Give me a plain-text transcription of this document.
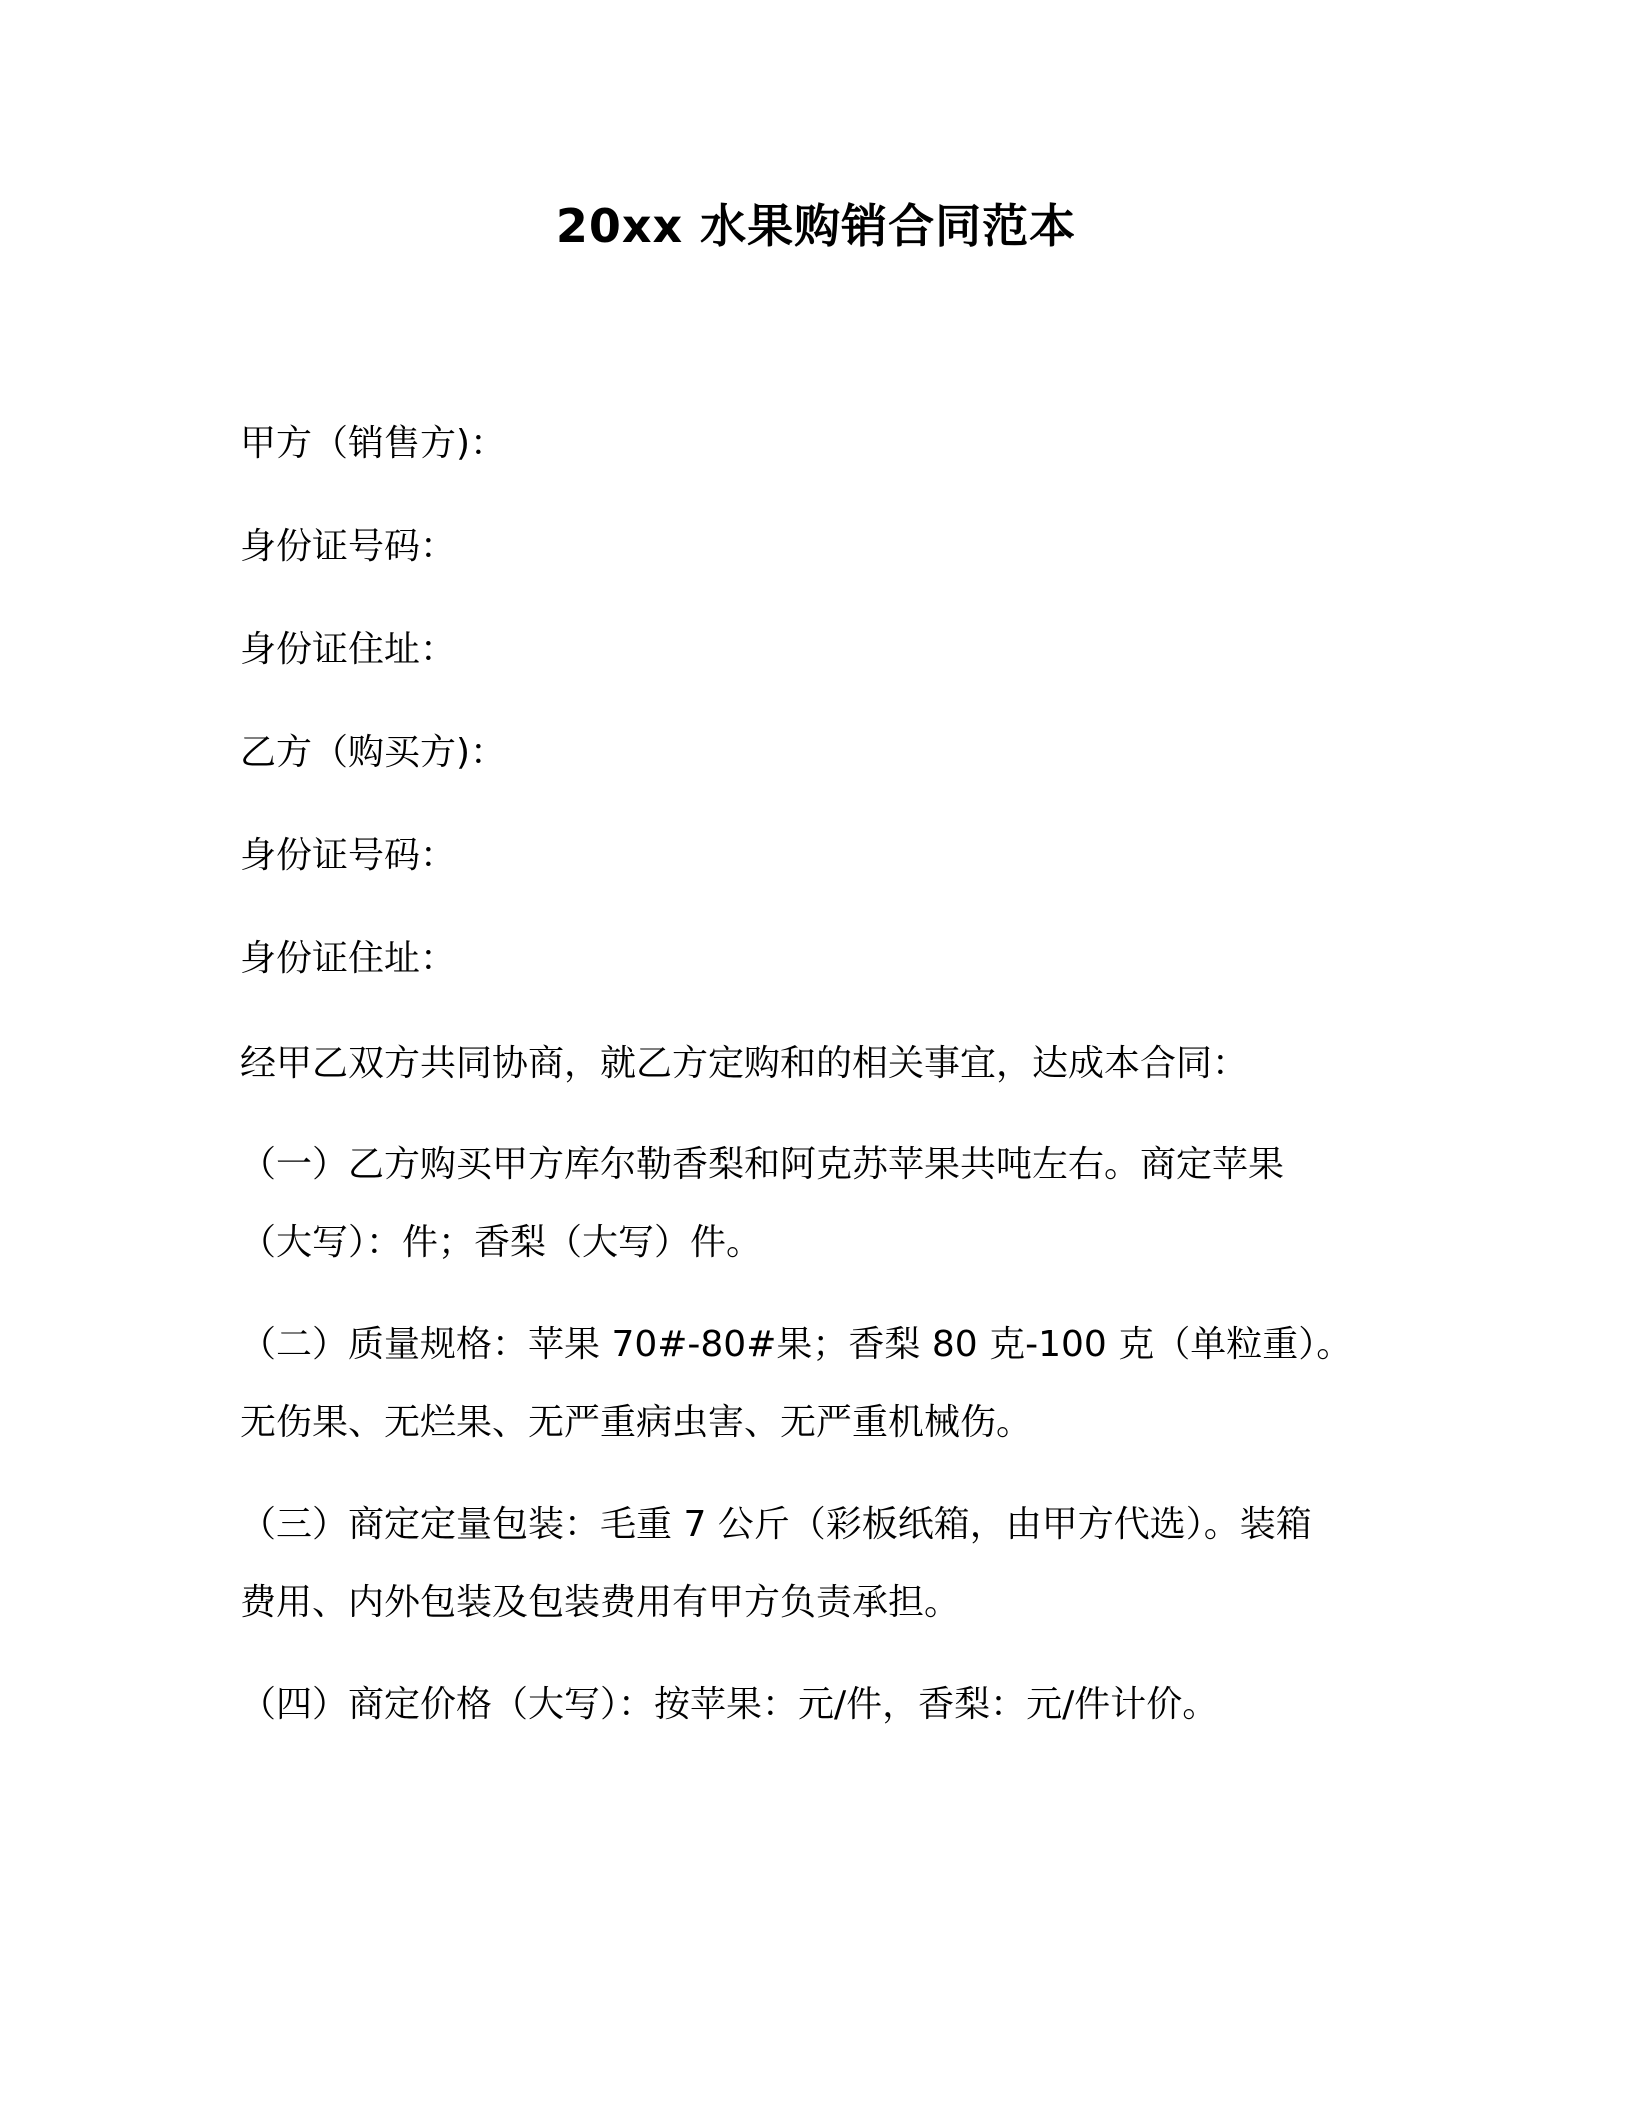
20xx 水果购销合同范本
甲方（销售方)：
身份证号码：
身份证住址：
乙方（购买方)：
身份证号码：
身份证住址：
经甲乙双方共同协商，就乙方定购和的相关事宜，达成本合同：
（一）乙方购买甲方库尔勒香梨和阿克苏苹果共吨左右。商定苹果
（大写）：件；香梨（大写）件。
（二）质量规格：苹果 70#-80#果；香梨 80 克-100 克（单粒重）。
无伤果、无烂果、无严重病虫害、无严重机械伤。
（三）商定定量包装：毛重 7 公斤（彩板纸箱，由甲方代选）。装箱
费用、内外包装及包装费用有甲方负责承担。
（四）商定价格（大写）：按苹果：元/件，香梨：元/件计价。
